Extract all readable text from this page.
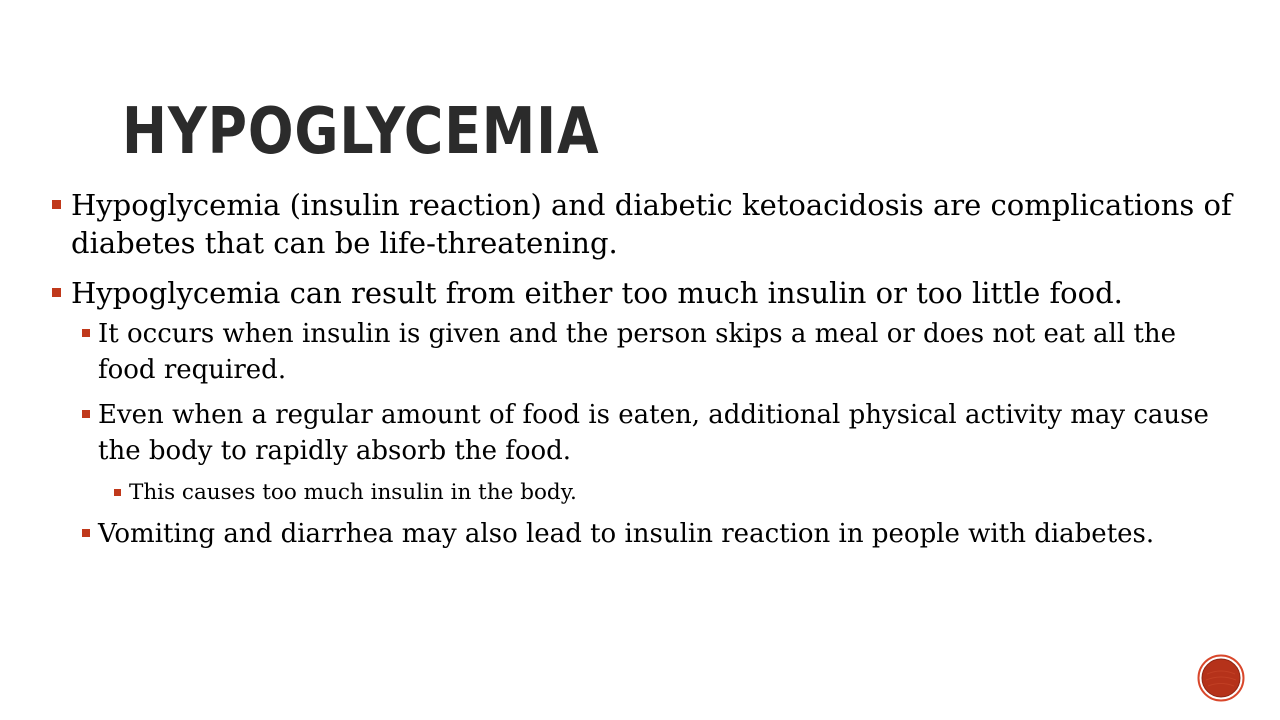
HYPOGLYCEMIA
Hypoglycemia (insulin reaction) and diabetic ketoacidosis are complications of diabetes that can be life-threatening.
Hypoglycemia can result from either too much insulin or too little food.
It occurs when insulin is given and the person skips a meal or does not eat all the food required.
Even when a regular amount of food is eaten, additional physical activity may cause the body to rapidly absorb the food.
This causes too much insulin in the body.
Vomiting and diarrhea may also lead to insulin reaction in people with diabetes.
